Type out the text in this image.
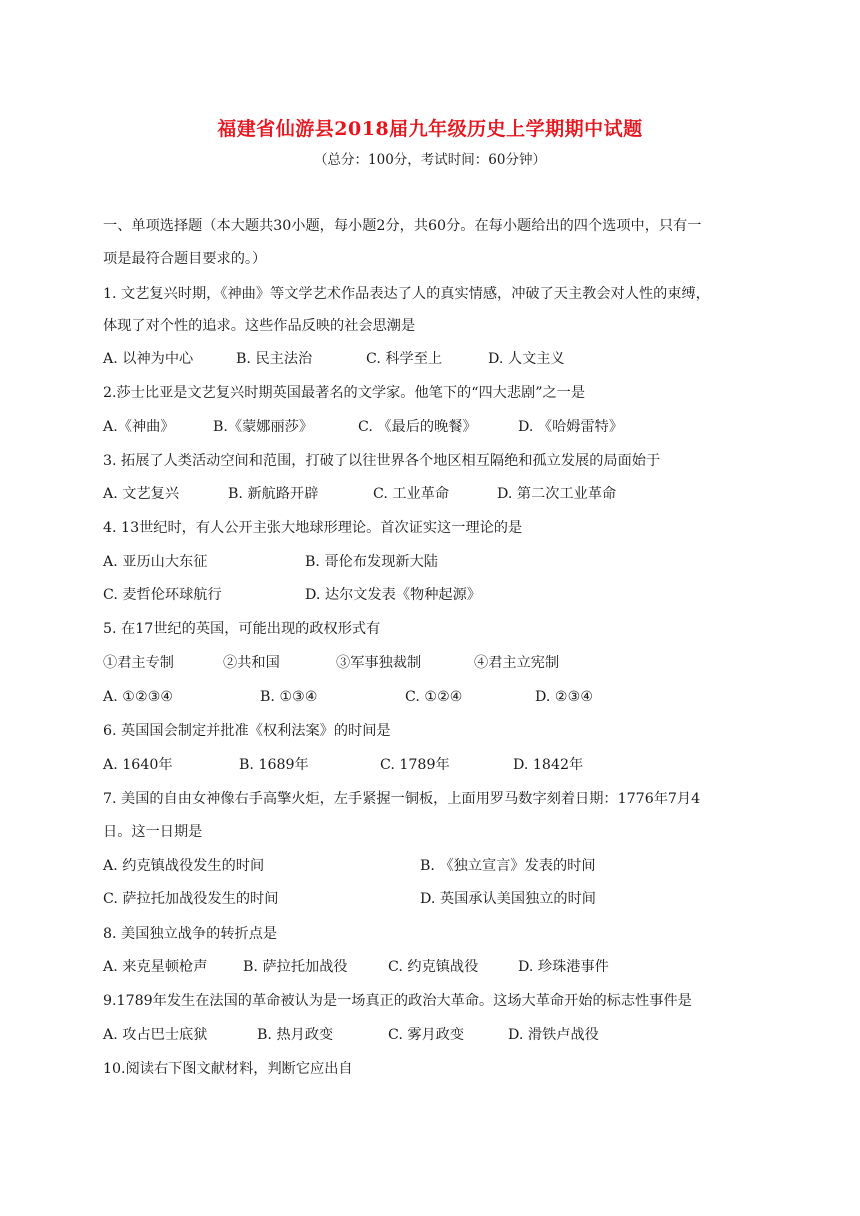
福建省仙游县2018届九年级历史上学期期中试题
（总分：100分，考试时间：60分钟）
一、单项选择题（本大题共30小题，每小题2分，共60分。在每小题给出的四个选项中，只有一
项是最符合题目要求的。）
1. 文艺复兴时期，《神曲》等文学艺术作品表达了人的真实情感，冲破了天主教会对人性的束缚，
体现了对个性的追求。这些作品反映的社会思潮是
A. 以神为中心	B. 民主法治	C. 科学至上	D. 人文主义
2.莎士比亚是文艺复兴时期英国最著名的文学家。他笔下的“四大悲剧”之一是
A.《神曲》	B.《蒙娜丽莎》	C. 《最后的晚餐》	D. 《哈姆雷特》
3. 拓展了人类活动空间和范围，打破了以往世界各个地区相互隔绝和孤立发展的局面始于
A. 文艺复兴	B. 新航路开辟	C. 工业革命	D. 第二次工业革命
4. 13世纪时，有人公开主张大地球形理论。首次证实这一理论的是
A. 亚历山大东征	B. 哥伦布发现新大陆
C. 麦哲伦环球航行	D. 达尔文发表《物种起源》
5. 在17世纪的英国，可能出现的政权形式有
①君主专制	②共和国	③军事独裁制	④君主立宪制
A. ①②③④	B. ①③④	C. ①②④	D. ②③④
6. 英国国会制定并批准《权利法案》的时间是
A. 1640年	B. 1689年	C. 1789年	D. 1842年
7. 美国的自由女神像右手高擎火炬，左手紧握一铜板，上面用罗马数字刻着日期：1776年7月4
日。这一日期是
A. 约克镇战役发生的时间	B. 《独立宣言》发表的时间
C. 萨拉托加战役发生的时间	D. 英国承认美国独立的时间
8. 美国独立战争的转折点是
A. 来克星顿枪声	B. 萨拉托加战役	C. 约克镇战役	D. 珍珠港事件
9.1789年发生在法国的革命被认为是一场真正的政治大革命。这场大革命开始的标志性事件是
A. 攻占巴士底狱	B. 热月政变	C. 雾月政变	D. 滑铁卢战役
10.阅读右下图文献材料，判断它应出自
